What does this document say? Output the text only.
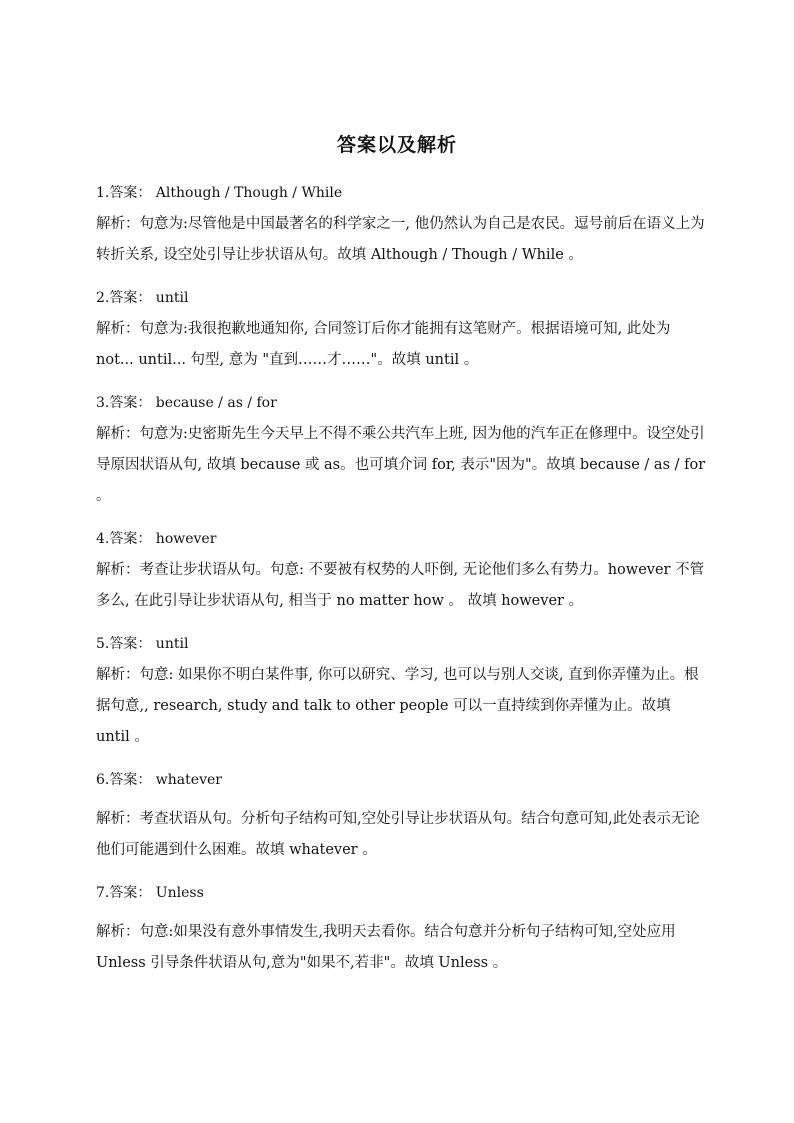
答案以及解析
1.答案： Although / Though / While
解析：句意为:尽管他是中国最著名的科学家之一, 他仍然认为自己是农民。逗号前后在语义上为转折关系, 设空处引导让步状语从句。故填 Although / Though / While 。
2.答案： until
解析：句意为:我很抱歉地通知你, 合同签订后你才能拥有这笔财产。根据语境可知, 此处为 not... until... 句型, 意为 "直到……才……"。故填 until 。
3.答案： because / as / for
解析：句意为:史密斯先生今天早上不得不乘公共汽车上班, 因为他的汽车正在修理中。设空处引导原因状语从句, 故填 because 或 as。也可填介词 for, 表示"因为"。故填 because / as / for 。
4.答案： however
解析：考查让步状语从句。句意: 不要被有权势的人吓倒, 无论他们多么有势力。however 不管多么, 在此引导让步状语从句, 相当于 no matter how 。 故填 however 。
5.答案： until
解析：句意: 如果你不明白某件事, 你可以研究、学习, 也可以与别人交谈, 直到你弄懂为止。根据句意,, research, study and talk to other people 可以一直持续到你弄懂为止。故填 until 。
6.答案： whatever
解析：考查状语从句。分析句子结构可知,空处引导让步状语从句。结合句意可知,此处表示无论他们可能遇到什么困难。故填 whatever 。
7.答案： Unless
解析：句意:如果没有意外事情发生,我明天去看你。结合句意并分析句子结构可知,空处应用 Unless 引导条件状语从句,意为"如果不,若非"。故填 Unless 。
